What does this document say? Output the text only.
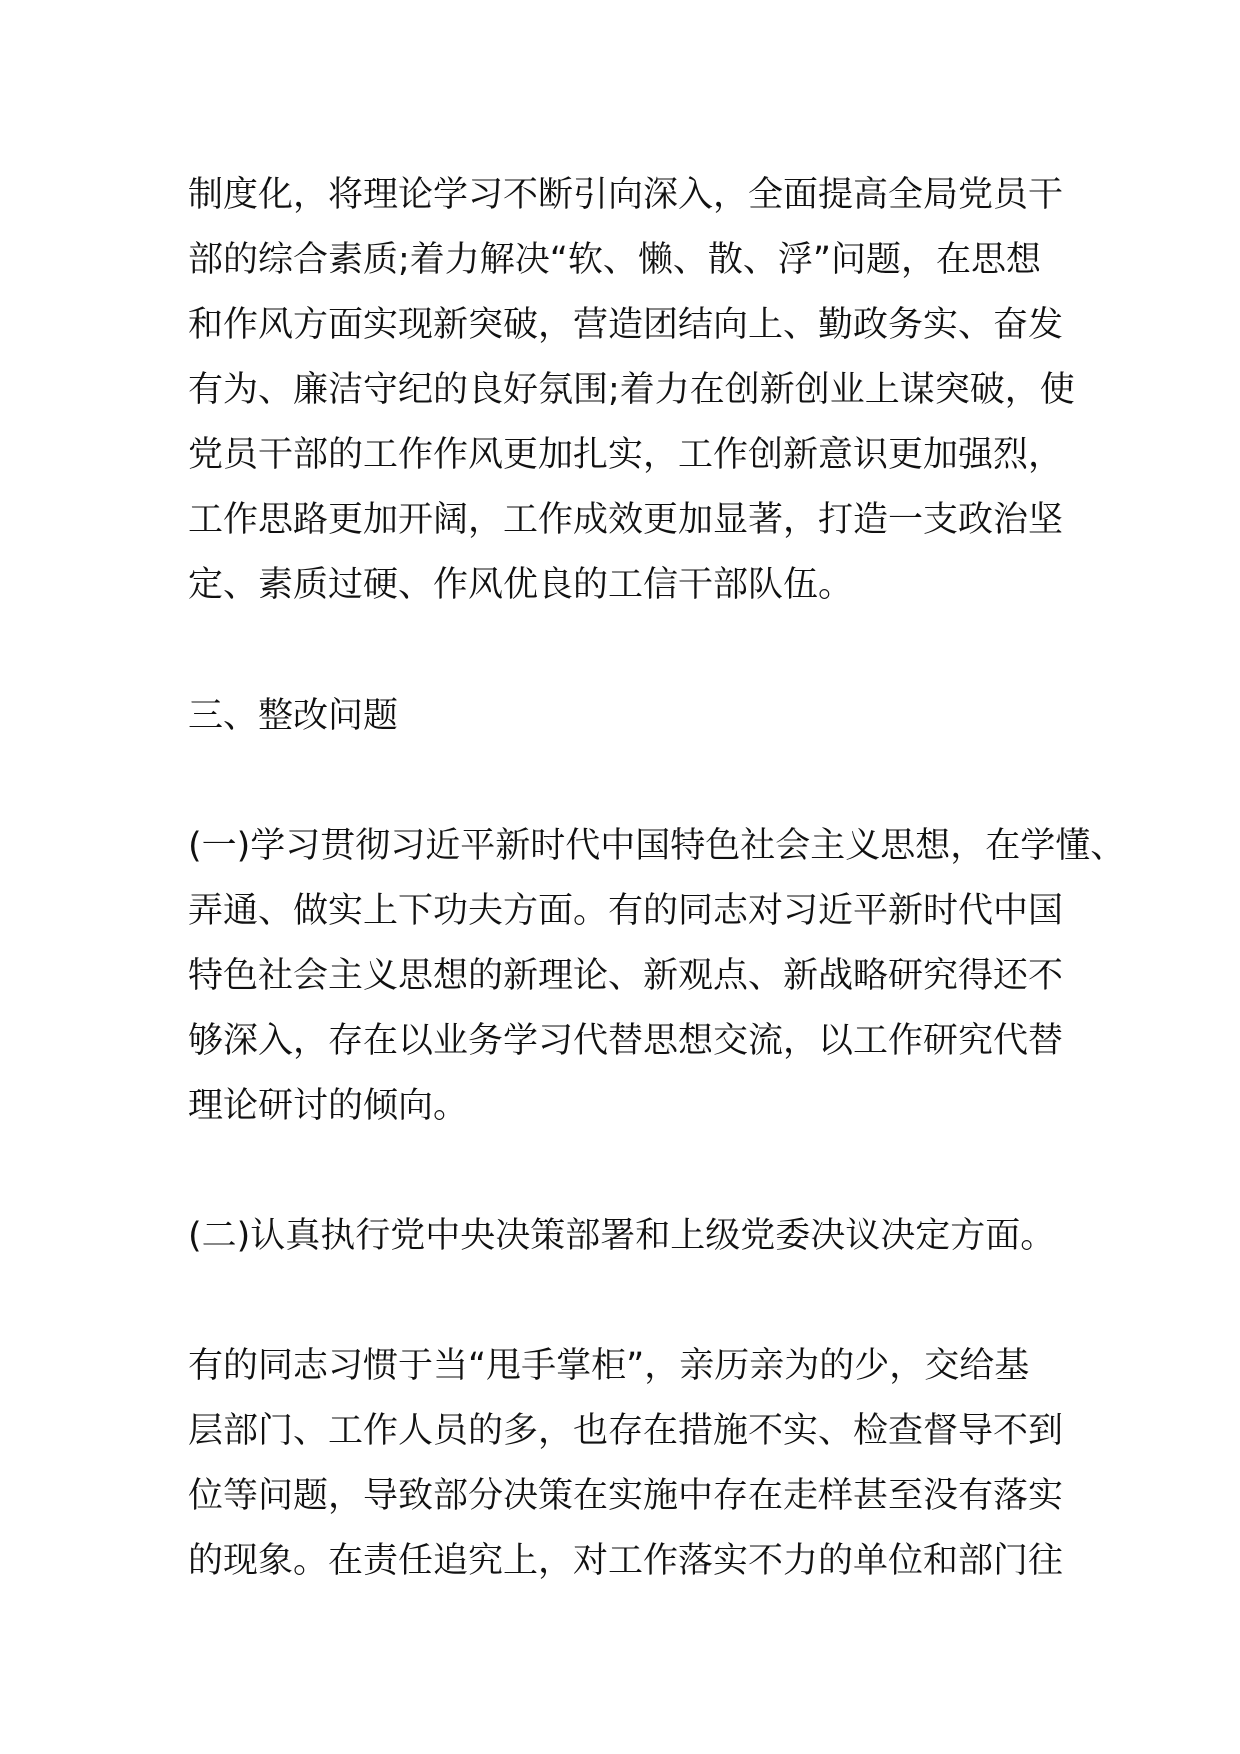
制度化，将理论学习不断引向深入，全面提高全局党员干
部的综合素质;着力解决“软、懒、散、浮”问题，在思想
和作风方面实现新突破，营造团结向上、勤政务实、奋发
有为、廉洁守纪的良好氛围;着力在创新创业上谋突破，使
党员干部的工作作风更加扎实，工作创新意识更加强烈，
工作思路更加开阔，工作成效更加显著，打造一支政治坚
定、素质过硬、作风优良的工信干部队伍。
三、整改问题
(一)学习贯彻习近平新时代中国特色社会主义思想，在学懂、
弄通、做实上下功夫方面。有的同志对习近平新时代中国
特色社会主义思想的新理论、新观点、新战略研究得还不
够深入，存在以业务学习代替思想交流，以工作研究代替
理论研讨的倾向。
(二)认真执行党中央决策部署和上级党委决议决定方面。
有的同志习惯于当“甩手掌柜”，亲历亲为的少，交给基
层部门、工作人员的多，也存在措施不实、检查督导不到
位等问题，导致部分决策在实施中存在走样甚至没有落实
的现象。在责任追究上，对工作落实不力的单位和部门往
